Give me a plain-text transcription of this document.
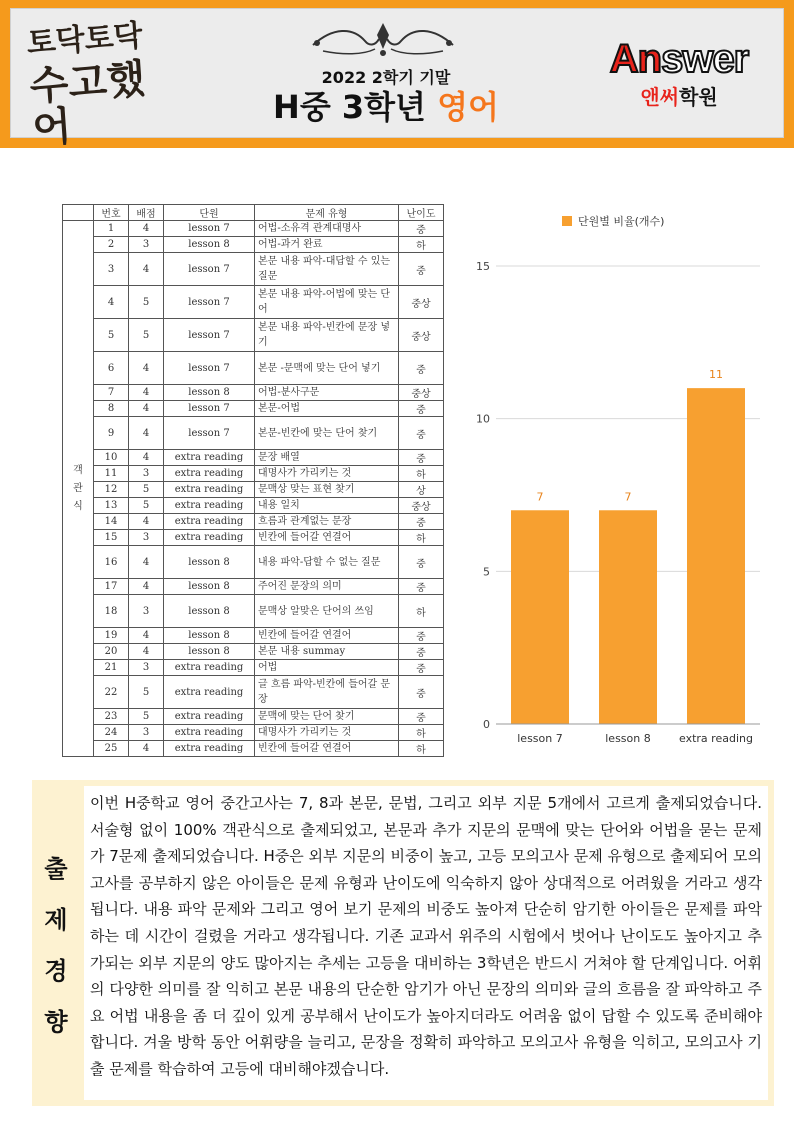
토닥토닥
수고했어
2022 2학기 기말
H중 3학년 영어
Answer
앤써학원
	번호	배점	단원	문제 유형	난이도

객
관
식	1	4	lesson 7	어법-소유격 관계대명사	중
	2	3	lesson 8	어법-과거 완료	하
	3	4	lesson 7	본문 내용 파악-대답할 수 있는 질문	중
	4	5	lesson 7	본문 내용 파악-어법에 맞는 단어	중상
	5	5	lesson 7	본문 내용 파악-빈칸에 문장 넣기	중상
	6	4	lesson 7	본문 -문맥에 맞는 단어 넣기	중
	7	4	lesson 8	어법-분사구문	중상
	8	4	lesson 7	본문-어법	중
	9	4	lesson 7	본문-빈칸에 맞는 단어 찾기	중
	10	4	extra reading	문장 배열	중
	11	3	extra reading	대명사가 가리키는 것	하
	12	5	extra reading	문맥상 맞는 표현 찾기	상
	13	5	extra reading	내용 일치	중상
	14	4	extra reading	흐름과 관계없는 문장	중
	15	3	extra reading	빈칸에 들어갈 연결어	하
	16	4	lesson 8	내용 파악-답할 수 없는 질문	중
	17	4	lesson 8	주어진 문장의 의미	중
	18	3	lesson 8	문맥상 알맞은 단어의 쓰임	하
	19	4	lesson 8	빈칸에 들어갈 연결어	중
	20	4	lesson 8	본문 내용 summay	중
	21	3	extra reading	어법	중
	22	5	extra reading	글 흐름 파악-빈칸에 들어갈 문장	중
	23	5	extra reading	문맥에 맞는 단어 찾기	중
	24	3	extra reading	대명사가 가리키는 것	하
	25	4	extra reading	빈칸에 들어갈 연결어	하
단원별 비율(개수)
0
5
10
15
7
lesson 7
7
lesson 8
11
extra reading
출
제
경
향
이번 H중학교 영어 중간고사는 7, 8과 본문, 문법, 그리고 외부 지문 5개에서 고르게 출제되었습니다. 서술형 없이 100% 객관식으로 출제되었고, 본문과 추가 지문의 문맥에 맞는 단어와 어법을 묻는 문제가 7문제 출제되었습니다. H중은 외부 지문의 비중이 높고, 고등 모의고사 문제 유형으로 출제되어 모의고사를 공부하지 않은 아이들은 문제 유형과 난이도에 익숙하지 않아 상대적으로 어려웠을 거라고 생각됩니다. 내용 파악 문제와 그리고 영어 보기 문제의 비중도 높아져 단순히 암기한 아이들은 문제를 파악하는 데 시간이 걸렸을 거라고 생각됩니다. 기존 교과서 위주의 시험에서 벗어나 난이도도 높아지고 추가되는 외부 지문의 양도 많아지는 추세는 고등을 대비하는 3학년은 반드시 거쳐야 할 단계입니다. 어휘의 다양한 의미를 잘 익히고 본문 내용의 단순한 암기가 아닌 문장의 의미와 글의 흐름을 잘 파악하고 주요 어법 내용을 좀 더 깊이 있게 공부해서 난이도가 높아지더라도 어려움 없이 답할 수 있도록 준비해야 합니다. 겨울 방학 동안 어휘량을 늘리고, 문장을 정확히 파악하고 모의고사 유형을 익히고, 모의고사 기출 문제를 학습하여 고등에 대비해야겠습니다.
